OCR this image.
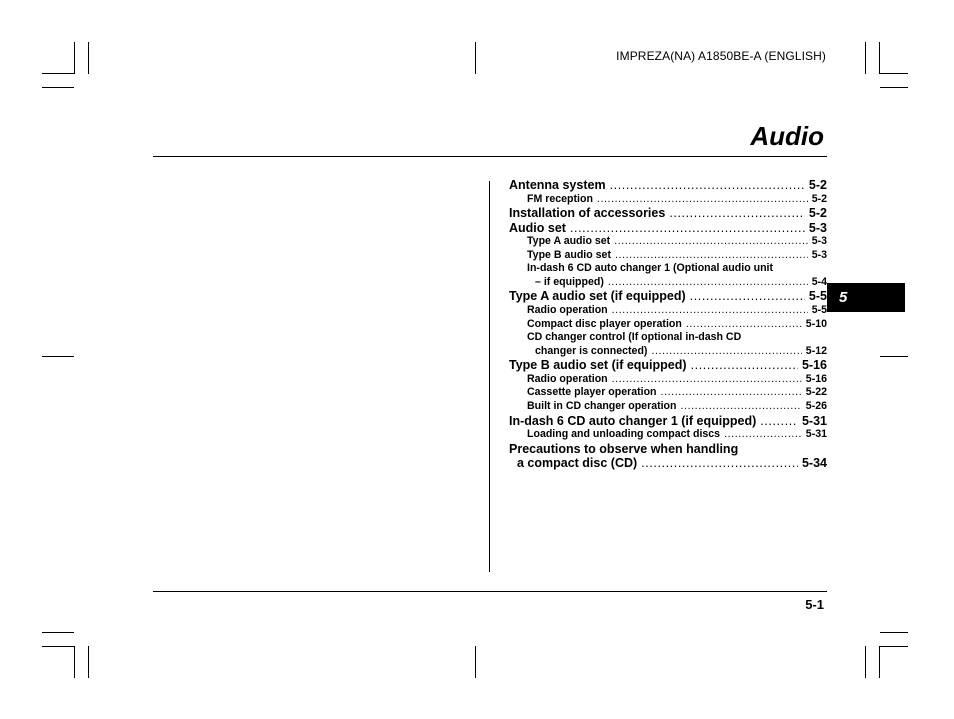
IMPREZA(NA) A1850BE-A (ENGLISH)
Audio
5
Antenna system .....	5-2
FM reception .....	5-2
Installation of accessories .....	5-2
Audio set .....	5-3
Type A audio set .....	5-3
Type B audio set .....	5-3
In-dash 6 CD auto changer 1 (Optional audio unit
– if equipped) .....	5-4
Type A audio set (if equipped) .....	5-5
Radio operation .....	5-5
Compact disc player operation .....	5-10
CD changer control (If optional in-dash CD
changer is connected) .....	5-12
Type B audio set (if equipped) .....	5-16
Radio operation .....	5-16
Cassette player operation .....	5-22
Built in CD changer operation .....	5-26
In-dash 6 CD auto changer 1 (if equipped) .....	5-31
Loading and unloading compact discs .....	5-31
Precautions to observe when handling
a compact disc (CD) .....	5-34
5-1
